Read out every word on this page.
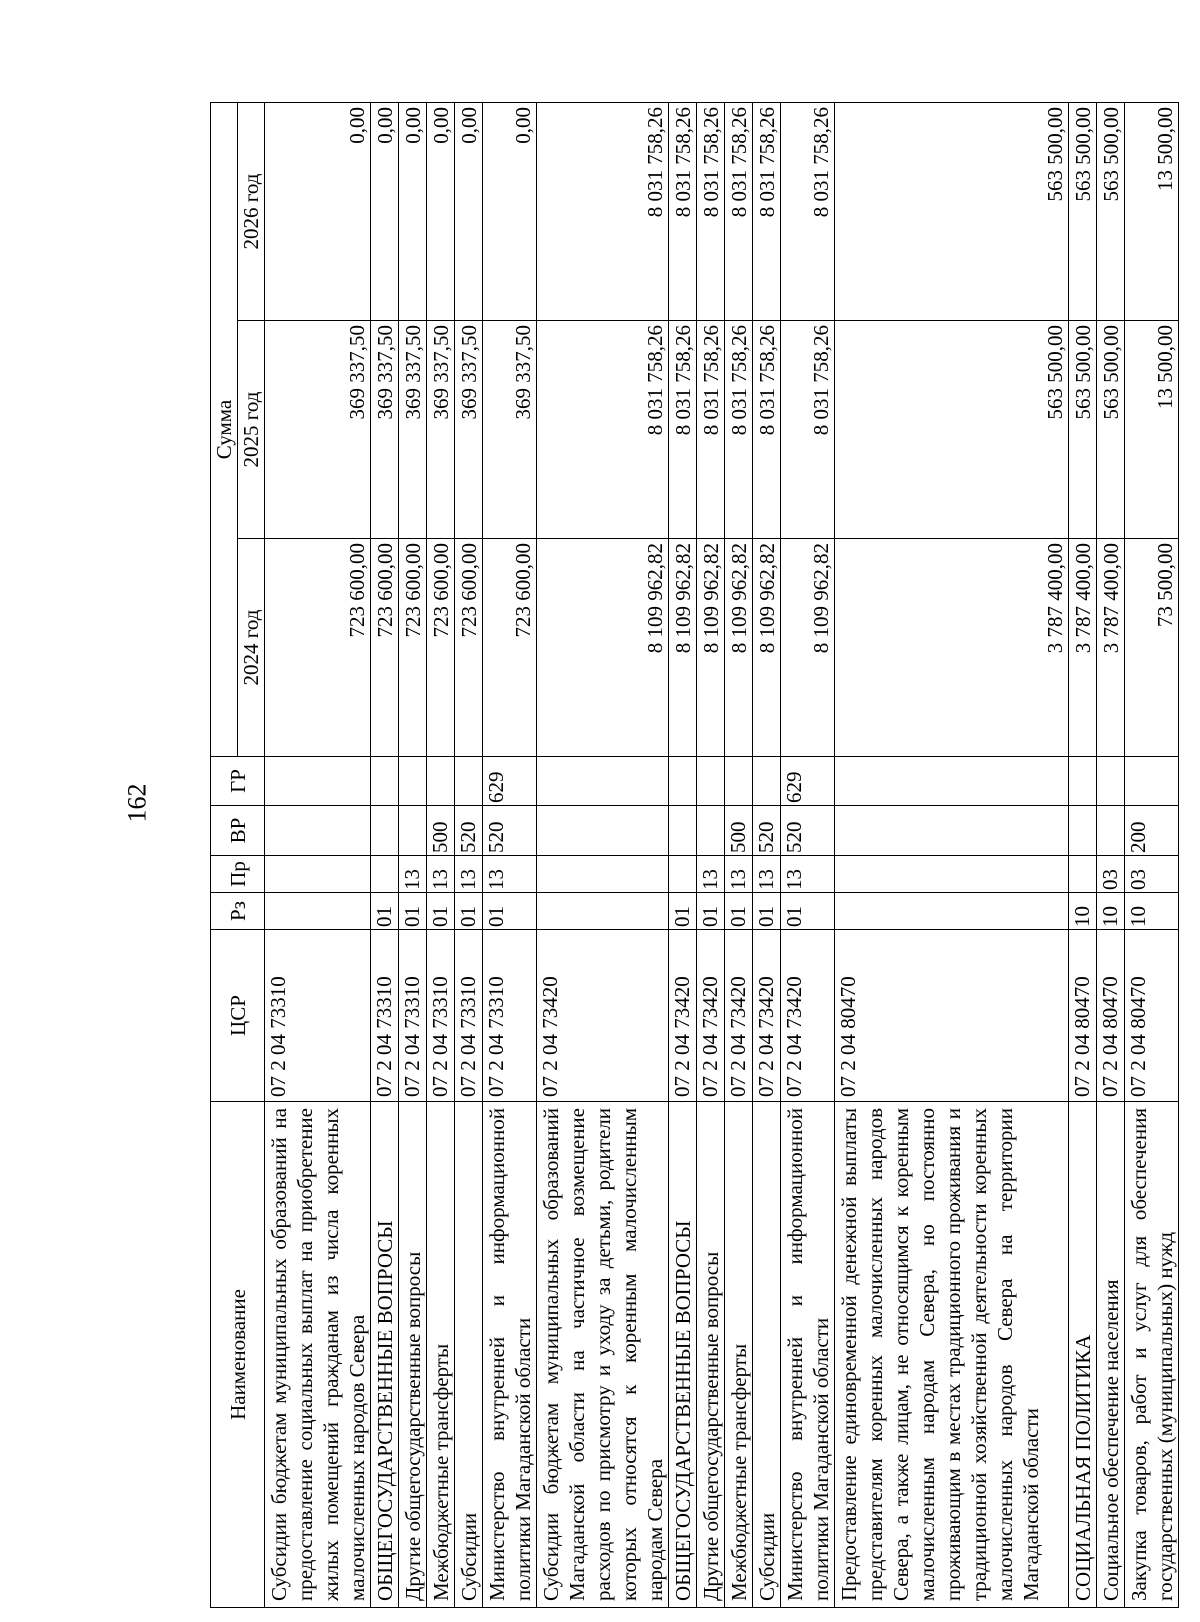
162
Наименование	ЦСР	Рз	Пр	ВР	ГР	Сумма		
						2024 год	2025 год	2026 год
Субсидии бюджетам муниципальных образований на предоставление социальных выплат на приобретение жилых помещений гражданам из числа коренных малочисленных народов Севера	07 2 04 73310					723 600,00	369 337,50	0,00
ОБЩЕГОСУДАРСТВЕННЫЕ ВОПРОСЫ	07 2 04 73310	01				723 600,00	369 337,50	0,00
Другие общегосударственные вопросы	07 2 04 73310	01	13			723 600,00	369 337,50	0,00
Межбюджетные трансферты	07 2 04 73310	01	13	500		723 600,00	369 337,50	0,00
Субсидии	07 2 04 73310	01	13	520		723 600,00	369 337,50	0,00
Министерство внутренней и информационной политики Магаданской области	07 2 04 73310	01	13	520	629	723 600,00	369 337,50	0,00
Субсидии бюджетам муниципальных образований Магаданской области на частичное возмещение расходов по присмотру и уходу за детьми, родители которых относятся к коренным малочисленным народам Севера	07 2 04 73420					8 109 962,82	8 031 758,26	8 031 758,26
ОБЩЕГОСУДАРСТВЕННЫЕ ВОПРОСЫ	07 2 04 73420	01				8 109 962,82	8 031 758,26	8 031 758,26
Другие общегосударственные вопросы	07 2 04 73420	01	13			8 109 962,82	8 031 758,26	8 031 758,26
Межбюджетные трансферты	07 2 04 73420	01	13	500		8 109 962,82	8 031 758,26	8 031 758,26
Субсидии	07 2 04 73420	01	13	520		8 109 962,82	8 031 758,26	8 031 758,26
Министерство внутренней и информационной политики Магаданской области	07 2 04 73420	01	13	520	629	8 109 962,82	8 031 758,26	8 031 758,26
Предоставление единовременной денежной выплаты представителям коренных малочисленных народов Севера, а также лицам, не относящимся к коренным малочисленным народам Севера, но постоянно проживающим в местах традиционного проживания и традиционной хозяйственной деятельности коренных малочисленных народов Севера на территории Магаданской области	07 2 04 80470					3 787 400,00	563 500,00	563 500,00
СОЦИАЛЬНАЯ ПОЛИТИКА	07 2 04 80470	10				3 787 400,00	563 500,00	563 500,00
Социальное обеспечение населения	07 2 04 80470	10	03			3 787 400,00	563 500,00	563 500,00
Закупка товаров, работ и услуг для обеспечения государственных (муниципальных) нужд	07 2 04 80470	10	03	200		73 500,00	13 500,00	13 500,00
